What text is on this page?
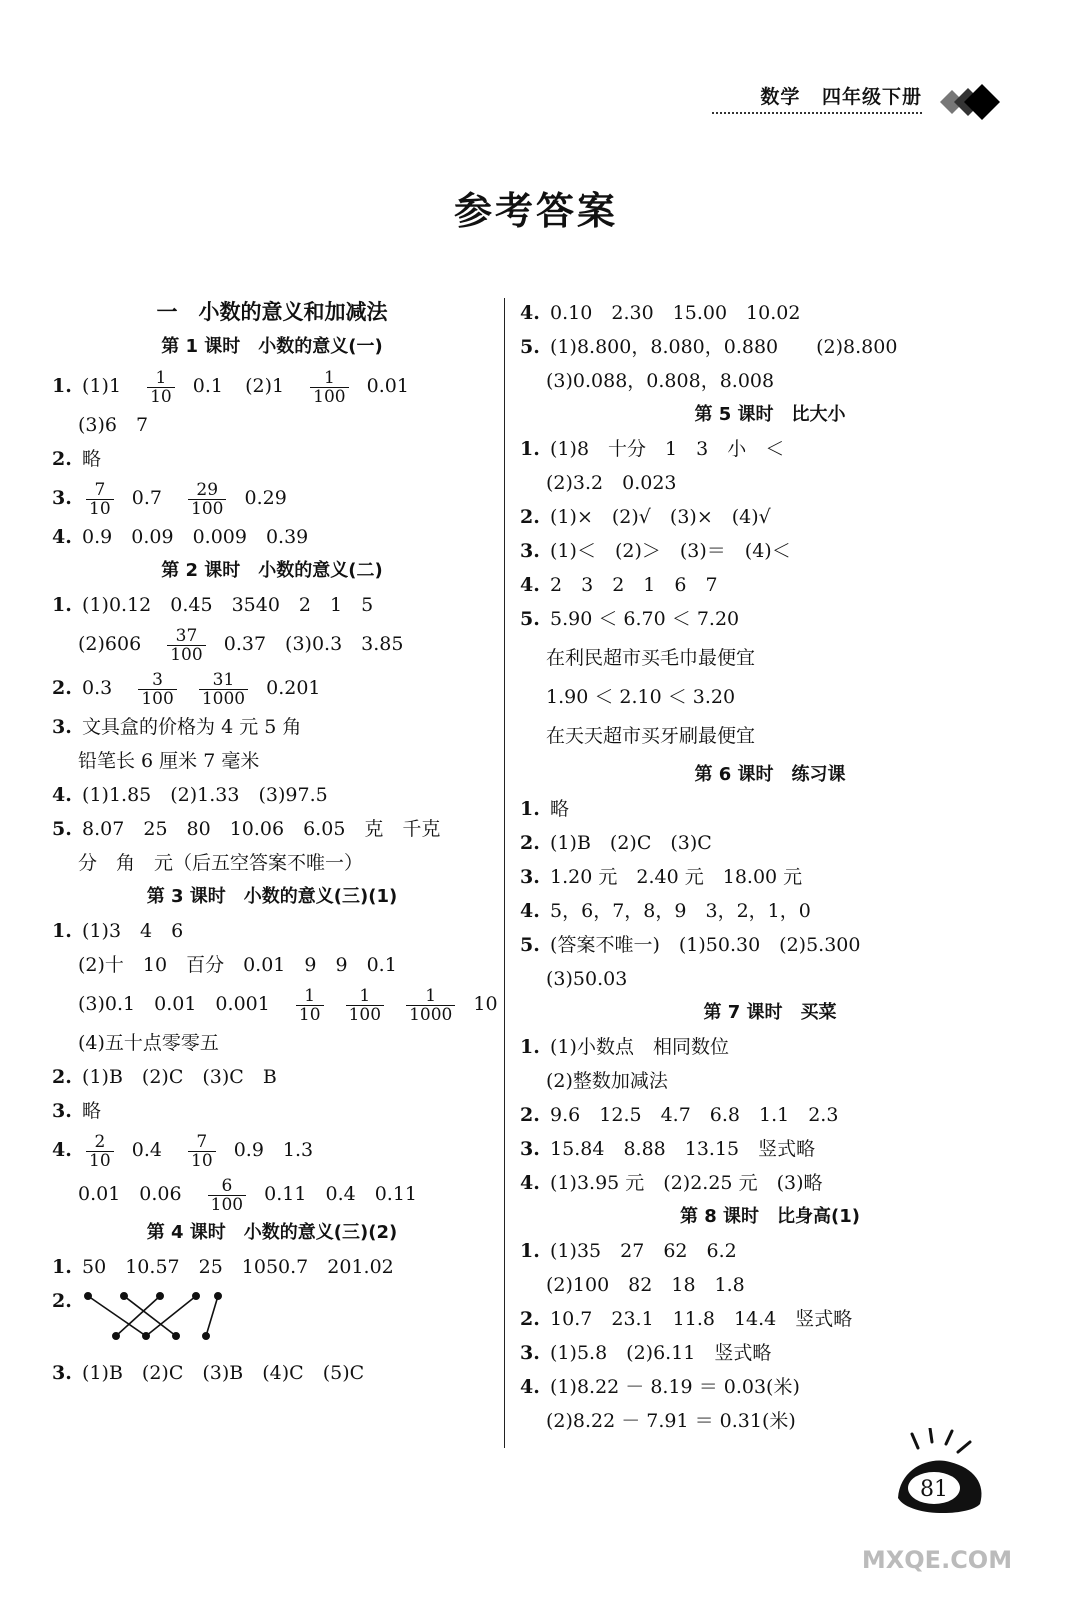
数学 四年级下册
参考答案
一　小数的意义和加减法
第 1 课时　小数的意义(一)
1. $(1)1 \frac{1}{10} 0.1$ $(2)1 \frac{1}{100} 0.01$
(3)6　7
2. 略
3. $\frac{7}{10} 0.7 \frac{29}{100} 0.29$
4. 0.9　0.09　0.009　0.39
第 2 课时　小数的意义(二)
1. (1)0.12　0.45　3540　2　1　5
$(2)606 \frac{37}{100} 0.37$　(3)0.3　3.85
2. $0.3 \frac{3}{100}$
$\frac{31}{1000} 0.201$
3. 文具盒的价格为 4 元 5 角
铅笔长 6 厘米 7 毫米
4. (1)1.85　(2)1.33　(3)97.5
5. 8.07　25　80　10.06　6.05　克　千克
分　角　元（后五空答案不唯一）
第 3 课时　小数的意义(三)(1)
1. (1)3　4　6
(2)十　10　百分　0.01　9　9　0.1
(3)0.1　0.01　$0.001 \frac{1}{10}$
$\frac{1}{100}$
$\frac{1}{1000} 10$
(4)五十点零零五
2. (1)B　(2)C　(3)C　B
3. 略
4. $\frac{2}{10} 0.4 \frac{7}{10} 0.9$　1.3
0.01　$0.06 \frac{6}{100} 0.11$　0.4　0.11
第 4 课时　小数的意义(三)(2)
1. 50　10.57　25　1050.7　201.02
2.
3. (1)B　(2)C　(3)B　(4)C　(5)C
4. 0.10　2.30　15.00　10.02
5. (1)8.800，8.080，0.880　　(2)8.800
(3)0.088，0.808，8.008
第 5 课时　比大小
1. (1)8　十分　1　3　小　＜
(2)3.2　0.023
2. (1)×　(2)√　(3)×　(4)√
3. (1)＜　(2)＞　(3)＝　(4)＜
4. 2　3　2　1　6　7
5. 5.90 ＜ 6.70 ＜ 7.20
在利民超市买毛巾最便宜
1.90 ＜ 2.10 ＜ 3.20
在天天超市买牙刷最便宜
第 6 课时　练习课
1. 略
2. (1)B　(2)C　(3)C
3. 1.20 元　2.40 元　18.00 元
4. 5，6，7，8，9　3，2，1，0
5. (答案不唯一)　(1)50.30　(2)5.300
(3)50.03
第 7 课时　买菜
1. (1)小数点　相同数位
(2)整数加减法
2. 9.6　12.5　4.7　6.8　1.1　2.3
3. 15.84　8.88　13.15　竖式略
4. (1)3.95 元　(2)2.25 元　(3)略
第 8 课时　比身高(1)
1. (1)35　27　62　6.2
(2)100　82　18　1.8
2. 10.7　23.1　11.8　14.4　竖式略
3. (1)5.8　(2)6.11　竖式略
4. (1)8.22 － 8.19 ＝ 0.03(米)
(2)8.22 － 7.91 ＝ 0.31(米)
81
MXQE.COM
